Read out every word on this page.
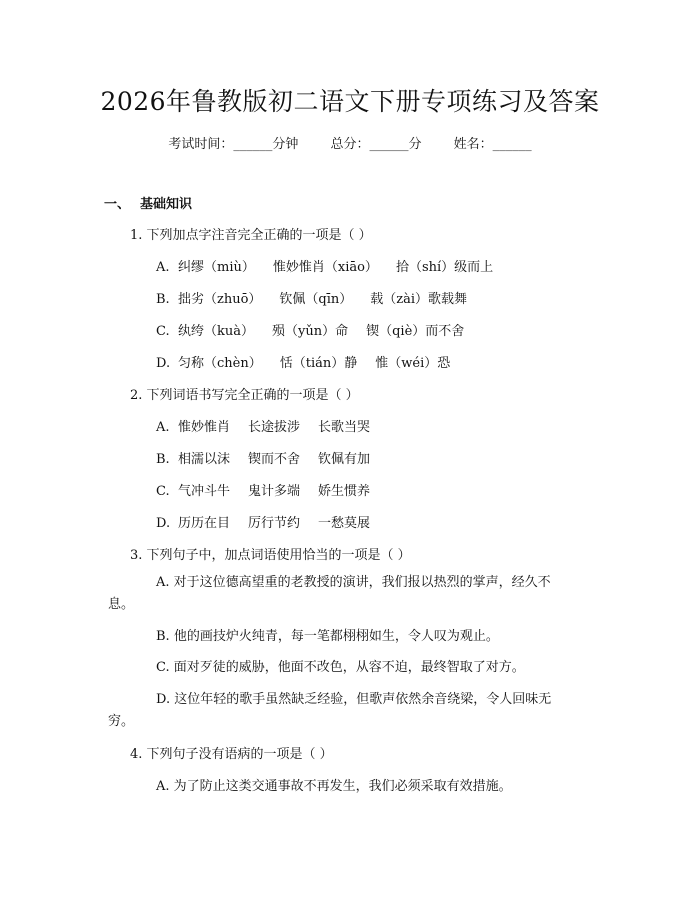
2026年鲁教版初二语文下册专项练习及答案
考试时间：______分钟 总分：______分 姓名：______
一、 基础知识
1. 下列加点字注音完全正确的一项是（ ）
A. 纠缪（miù） 惟妙惟肖（xiāo） 拾（shí）级而上
B. 拙劣（zhuō） 钦佩（qīn） 载（zài）歌载舞
C. 纨绔（kuà） 殒（yǔn）命 锲（qiè）而不舍
D. 匀称（chèn） 恬（tián）静 惟（wéi）恐
2. 下列词语书写完全正确的一项是（ ）
A. 惟妙惟肖 长途拔涉 长歌当哭
B. 相濡以沫 锲而不舍 钦佩有加
C. 气冲斗牛 鬼计多端 娇生惯养
D. 历历在目 厉行节约 一愁莫展
3. 下列句子中，加点词语使用恰当的一项是（ ）
A. 对于这位德高望重的老教授的演讲，我们报以热烈的掌声，经久不息。
B. 他的画技炉火纯青，每一笔都栩栩如生，令人叹为观止。
C. 面对歹徒的威胁，他面不改色，从容不迫，最终智取了对方。
D. 这位年轻的歌手虽然缺乏经验，但歌声依然余音绕梁，令人回味无穷。
4. 下列句子没有语病的一项是（ ）
A. 为了防止这类交通事故不再发生，我们必须采取有效措施。
